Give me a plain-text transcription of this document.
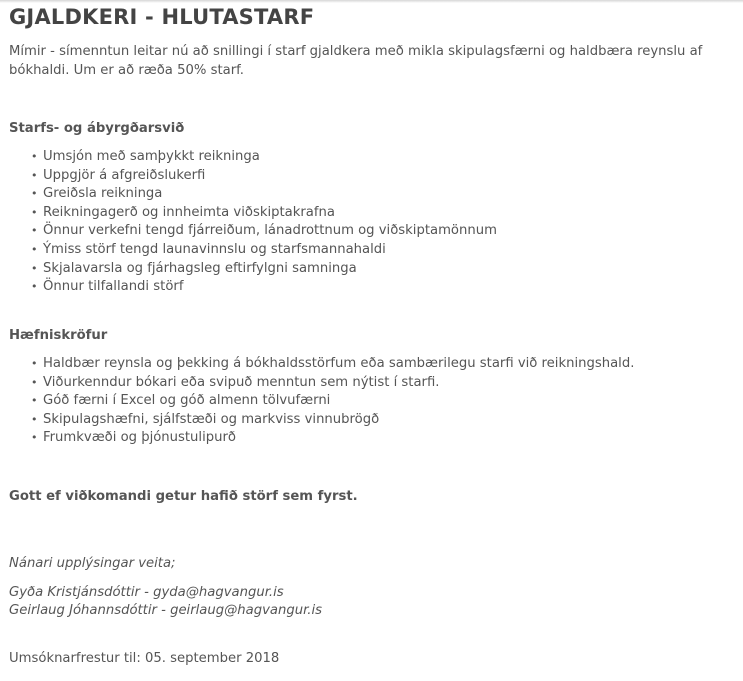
GJALDKERI - HLUTASTARF

Mímir - símenntun leitar nú að snillingi í starf gjaldkera með mikla skipulagsfærni og haldbæra reynslu af bókhaldi. Um er að ræða 50% starf.

Starfs- og ábyrgðarsvið

• Umsjón með samþykkt reikninga
• Uppgjör á afgreiðslukerfi
• Greiðsla reikninga
• Reikningagerð og innheimta viðskiptakrafna
• Önnur verkefni tengd fjárreiðum, lánadrottnum og viðskiptamönnum
• Ýmiss störf tengd launavinnslu og starfsmannahaldi
• Skjalavarsla og fjárhagsleg eftirfylgni samninga
• Önnur tilfallandi störf

Hæfniskröfur

• Haldbær reynsla og þekking á bókhaldsstörfum eða sambærilegu starfi við reikningshald.
• Viðurkenndur bókari eða svipuð menntun sem nýtist í starfi.
• Góð færni í Excel og góð almenn tölvufærni
• Skipulagshæfni, sjálfstæði og markviss vinnubrögð
• Frumkvæði og þjónustulipurð

Gott ef viðkomandi getur hafið störf sem fyrst.

Nánari upplýsingar veita;

Gyða Kristjánsdóttir - gyda@hagvangur.is

Geirlaug Jóhannsdóttir - geirlaug@hagvangur.is

Umsóknarfrestur til: 05. september 2018
